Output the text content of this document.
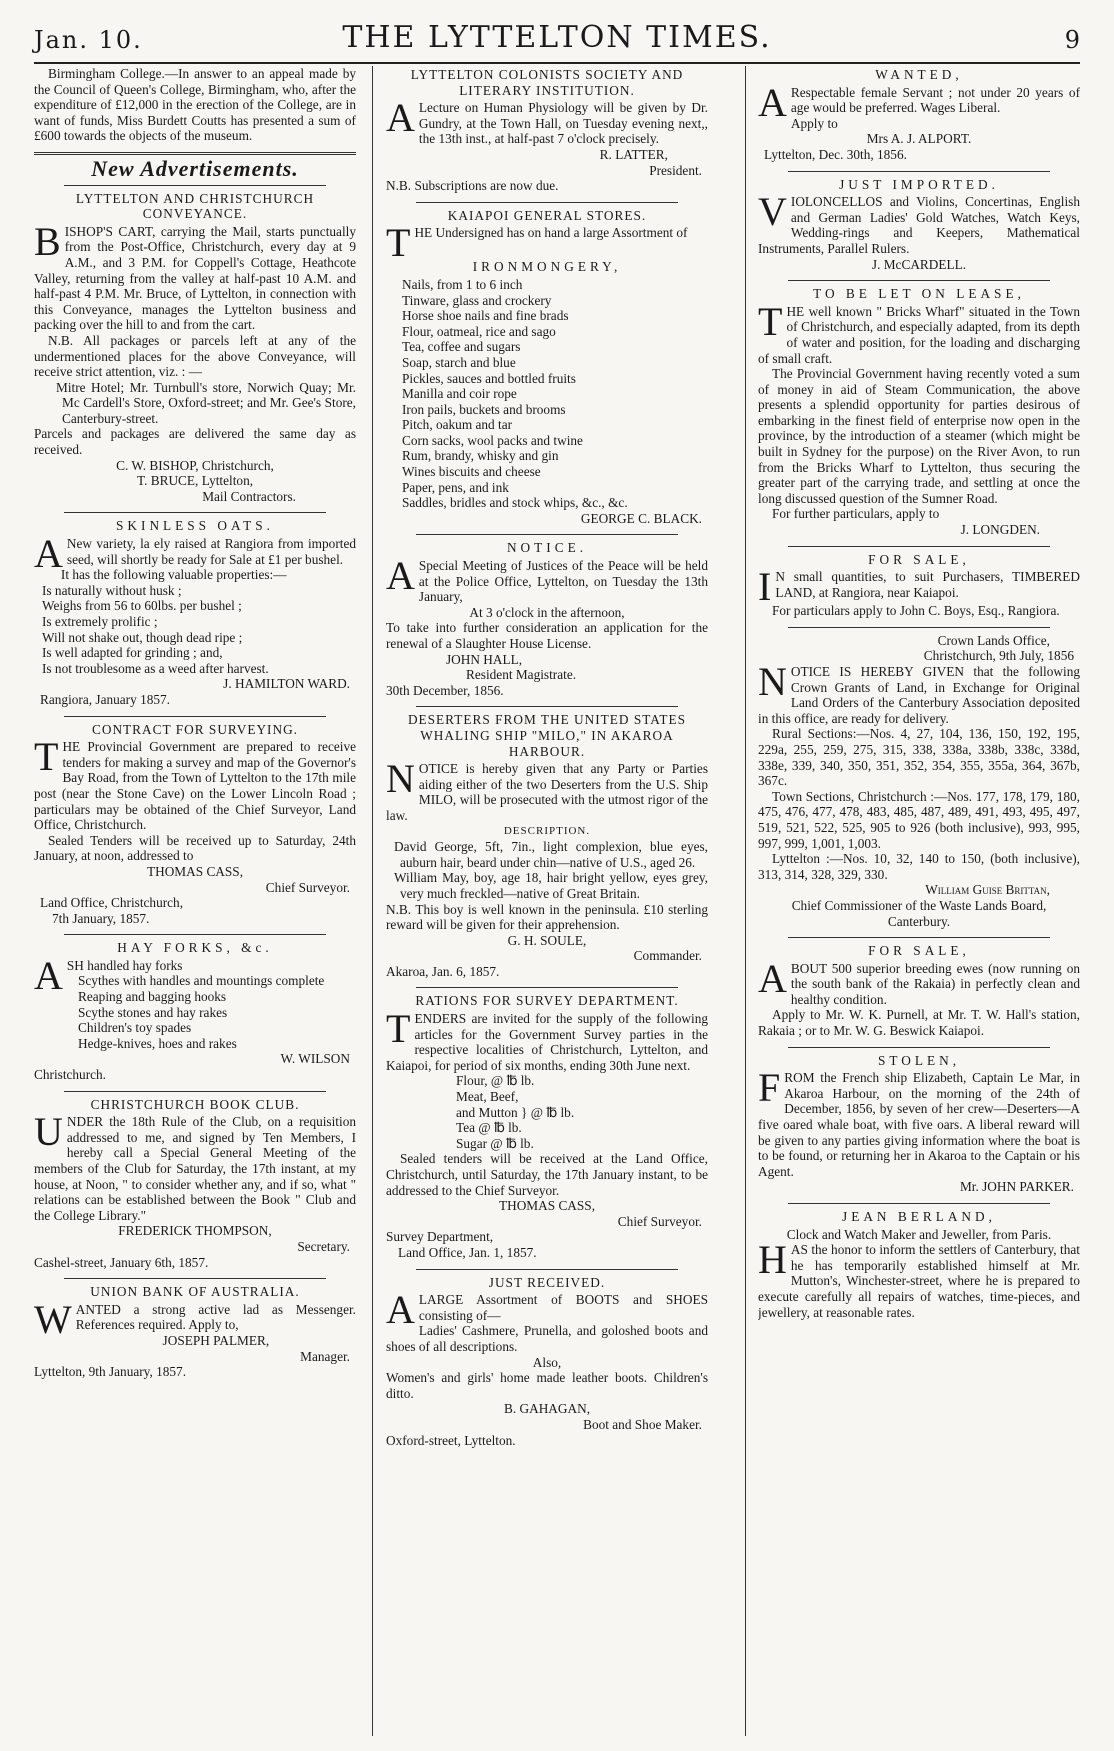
Jan. 10.	THE LYTTELTON TIMES.	9

Birmingham College.—In answer to an appeal made by the Council of Queen's College, Birmingham, who, after the expenditure of £12,000 in the erection of the College, are in want of funds, Miss Burdett Coutts has presented a sum of £600 towards the objects of the museum.

New Advertisements.
LYTTELTON AND CHRISTCHURCH CONVEYANCE.

BISHOP'S CART, carrying the Mail, starts punctually from the Post-Office, Christchurch, every day at 9 A.M., and 3 P.M. for Coppell's Cottage, Heathcote Valley, returning from the valley at half-past 10 A.M. and half-past 4 P.M. Mr. Bruce, of Lyttelton, in connection with this Conveyance, manages the Lyttelton business and packing over the hill to and from the cart.

N.B. All packages or parcels left at any of the undermentioned places for the above Conveyance, will receive strict attention, viz. : —

Mitre Hotel; Mr. Turnbull's store, Norwich Quay; Mr. Mc Cardell's Store, Oxford-street; and Mr. Gee's Store, Canterbury-street.

Parcels and packages are delivered the same day as received.

C. W. BISHOP, Christchurch,
T. BRUCE, Lyttelton,
Mail Contractors.
SKINLESS OATS.

A New variety, la ely raised at Rangiora from imported seed, will shortly be ready for Sale at £1 per bushel.

It has the following valuable properties:—
Is naturally without husk ;
Weighs from 56 to 60lbs. per bushel ;
Is extremely prolific ;
Will not shake out, though dead ripe ;
Is well adapted for grinding ; and,
Is not troublesome as a weed after harvest.
J. HAMILTON WARD.
Rangiora, January 1857.
CONTRACT FOR SURVEYING.

THE Provincial Government are prepared to receive tenders for making a survey and map of the Governor's Bay Road, from the Town of Lyttelton to the 17th mile post (near the Stone Cave) on the Lower Lincoln Road ; particulars may be obtained of the Chief Surveyor, Land Office, Christchurch.

Sealed Tenders will be received up to Saturday, 24th January, at noon, addressed to

THOMAS CASS,
Chief Surveyor.
Land Office, Christchurch,
7th January, 1857.
HAY FORKS, &c.

ASH handled hay forks

Scythes with handles and mountings complete
Reaping and bagging hooks
Scythe stones and hay rakes
Children's toy spades
Hedge-knives, hoes and rakes
W. WILSON
Christchurch.
CHRISTCHURCH BOOK CLUB.

UNDER the 18th Rule of the Club, on a requisition addressed to me, and signed by Ten Members, I hereby call a Special General Meeting of the members of the Club for Saturday, the 17th instant, at my house, at Noon, " to consider whether any, and if so, what " relations can be established between the Book " Club and the College Library."

FREDERICK THOMPSON,
Secretary.
Cashel-street, January 6th, 1857.
UNION BANK OF AUSTRALIA.

WANTED a strong active lad as Messenger. References required. Apply to,

JOSEPH PALMER,
Manager.
Lyttelton, 9th January, 1857.
LYTTELTON COLONISTS SOCIETY AND LITERARY INSTITUTION.

A Lecture on Human Physiology will be given by Dr. Gundry, at the Town Hall, on Tuesday evening next,, the 13th inst., at half-past 7 o'clock precisely.

R. LATTER,
President.
N.B. Subscriptions are now due.
KAIAPOI GENERAL STORES.

THE Undersigned has on hand a large Assortment of

IRONMONGERY,
Nails, from 1 to 6 inch
Tinware, glass and crockery
Horse shoe nails and fine brads
Flour, oatmeal, rice and sago
Tea, coffee and sugars
Soap, starch and blue
Pickles, sauces and bottled fruits
Manilla and coir rope
Iron pails, buckets and brooms
Pitch, oakum and tar
Corn sacks, wool packs and twine
Rum, brandy, whisky and gin
Wines biscuits and cheese
Paper, pens, and ink
Saddles, bridles and stock whips, &c., &c.
GEORGE C. BLACK.
NOTICE.

A Special Meeting of Justices of the Peace will be held at the Police Office, Lyttelton, on Tuesday the 13th January,

At 3 o'clock in the afternoon,

To take into further consideration an application for the renewal of a Slaughter House License.

JOHN HALL,
Resident Magistrate.
30th December, 1856.
DESERTERS FROM THE UNITED STATES WHALING SHIP "MILO," IN AKAROA HARBOUR.

NOTICE is hereby given that any Party or Parties aiding either of the two Deserters from the U.S. Ship MILO, will be prosecuted with the utmost rigor of the law.

DESCRIPTION.

David George, 5ft, 7in., light complexion, blue eyes, auburn hair, beard under chin—native of U.S., aged 26.

William May, boy, age 18, hair bright yellow, eyes grey, very much freckled—native of Great Britain.

N.B. This boy is well known in the peninsula. £10 sterling reward will be given for their apprehension.

G. H. SOULE,
Commander.
Akaroa, Jan. 6, 1857.
RATIONS FOR SURVEY DEPARTMENT.

TENDERS are invited for the supply of the following articles for the Government Survey parties in the respective localities of Christchurch, Lyttelton, and Kaiapoi, for period of six months, ending 30th June next.

Flour, @ ℔ lb.
Meat, Beef,
and Mutton } @ ℔ lb.
Tea @ ℔ lb.
Sugar @ ℔ lb.

Sealed tenders will be received at the Land Office, Christchurch, until Saturday, the 17th January instant, to be addressed to the Chief Surveyor.

THOMAS CASS,
Chief Surveyor.
Survey Department,
Land Office, Jan. 1, 1857.
JUST RECEIVED.

ALARGE Assortment of BOOTS and SHOES consisting of—

Ladies' Cashmere, Prunella, and goloshed boots and shoes of all descriptions.

Also,

Women's and girls' home made leather boots. Children's ditto.

B. GAHAGAN,
Boot and Shoe Maker.
Oxford-street, Lyttelton.
WANTED,

A Respectable female Servant ; not under 20 years of age would be preferred. Wages Liberal.

Apply to
Mrs A. J. ALPORT.
Lyttelton, Dec. 30th, 1856.
JUST IMPORTED.

VIOLONCELLOS and Violins, Concertinas, English and German Ladies' Gold Watches, Watch Keys, Wedding-rings and Keepers, Mathematical Instruments, Parallel Rulers.

J. McCARDELL.
TO BE LET ON LEASE,

THE well known " Bricks Wharf" situated in the Town of Christchurch, and especially adapted, from its depth of water and position, for the loading and discharging of small craft.

The Provincial Government having recently voted a sum of money in aid of Steam Communication, the above presents a splendid opportunity for parties desirous of embarking in the finest field of enterprise now open in the province, by the introduction of a steamer (which might be built in Sydney for the purpose) on the River Avon, to run from the Bricks Wharf to Lyttelton, thus securing the greater part of the carrying trade, and settling at once the long discussed question of the Sumner Road.

For further particulars, apply to

J. LONGDEN.
FOR SALE,

I N small quantities, to suit Purchasers, TIMBERED LAND, at Rangiora, near Kaiapoi.

For particulars apply to John C. Boys, Esq., Rangiora.

Crown Lands Office,
Christchurch, 9th July, 1856

NOTICE IS HEREBY GIVEN that the following Crown Grants of Land, in Exchange for Original Land Orders of the Canterbury Association deposited in this office, are ready for delivery.

Rural Sections:—Nos. 4, 27, 104, 136, 150, 192, 195, 229a, 255, 259, 275, 315, 338, 338a, 338b, 338c, 338d, 338e, 339, 340, 350, 351, 352, 354, 355, 355a, 364, 367b, 367c.

Town Sections, Christchurch :—Nos. 177, 178, 179, 180, 475, 476, 477, 478, 483, 485, 487, 489, 491, 493, 495, 497, 519, 521, 522, 525, 905 to 926 (both inclusive), 993, 995, 997, 999, 1,001, 1,003.

Lyttelton :—Nos. 10, 32, 140 to 150, (both inclusive), 313, 314, 328, 329, 330.

William Guise Brittan,
Chief Commissioner of the Waste Lands Board,
Canterbury.
FOR SALE,

ABOUT 500 superior breeding ewes (now running on the south bank of the Rakaia) in perfectly clean and healthy condition.

Apply to Mr. W. K. Purnell, at Mr. T. W. Hall's station, Rakaia ; or to Mr. W. G. Beswick Kaiapoi.

STOLEN,

FROM the French ship Elizabeth, Captain Le Mar, in Akaroa Harbour, on the morning of the 24th of December, 1856, by seven of her crew—Deserters—A five oared whale boat, with five oars. A liberal reward will be given to any parties giving information where the boat is to be found, or returning her in Akaroa to the Captain or his Agent.

Mr. JOHN PARKER.
JEAN BERLAND,
Clock and Watch Maker and Jeweller, from Paris.

HAS the honor to inform the settlers of Canterbury, that he has temporarily established himself at Mr. Mutton's, Winchester-street, where he is prepared to execute carefully all repairs of watches, time-pieces, and jewellery, at reasonable rates.
